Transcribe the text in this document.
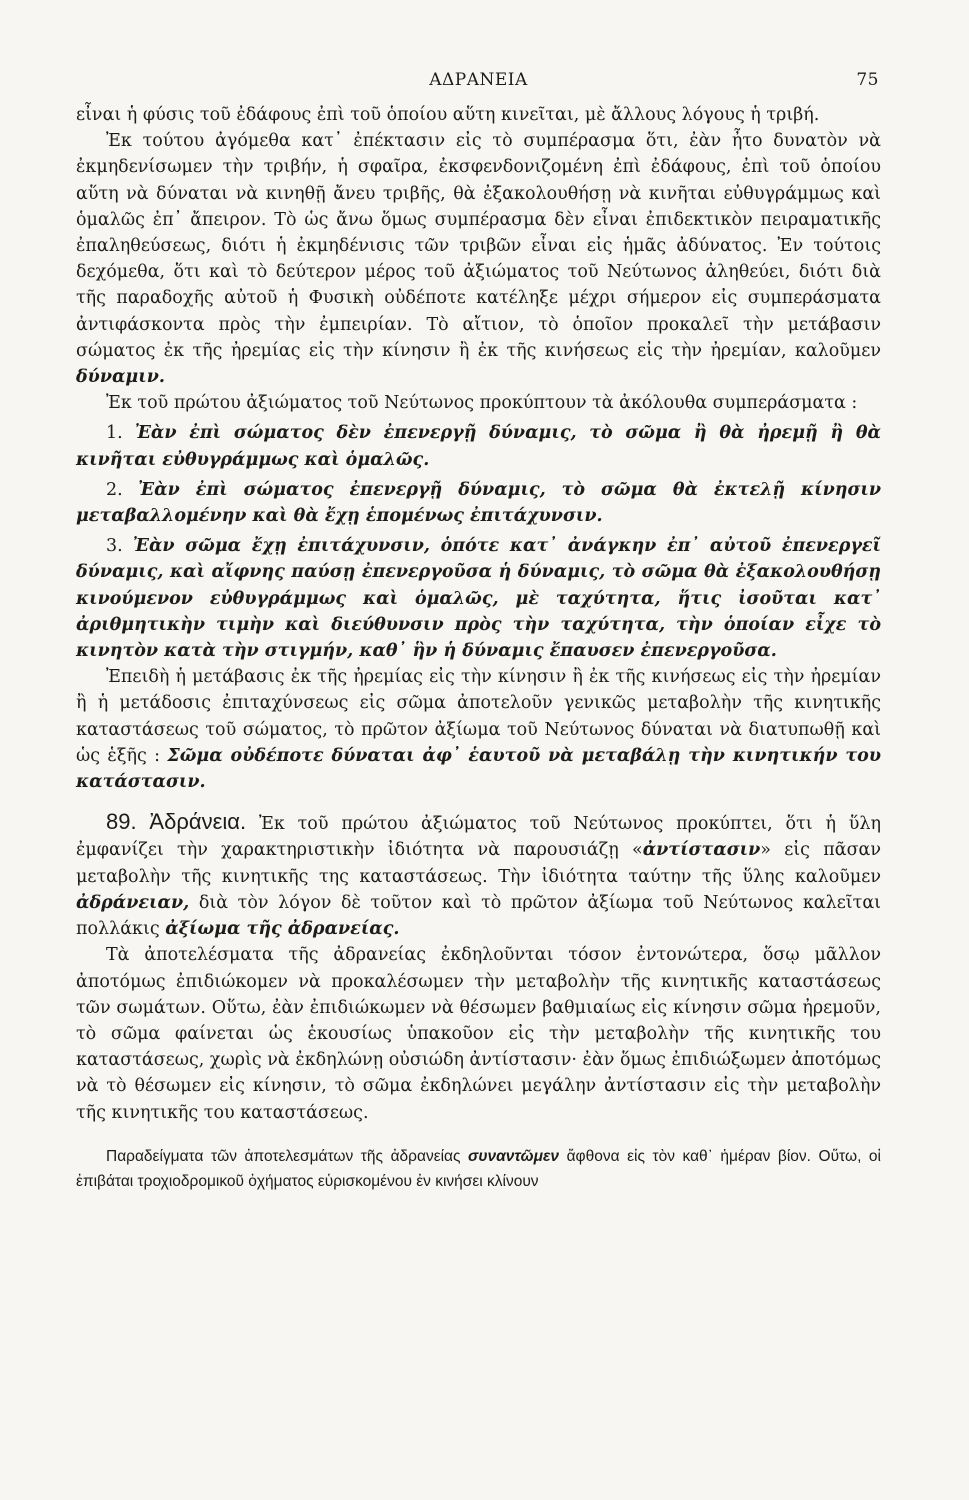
ΑΔΡΑΝΕΙΑ	75

εἶναι ἡ φύσις τοῦ ἐδάφους ἐπὶ τοῦ ὁποίου αὕτη κινεῖται, μὲ ἄλλους λόγους ἡ τριβή.

Ἐκ τούτου ἀγόμεθα κατ᾽ ἐπέκτασιν εἰς τὸ συμπέρασμα ὅτι, ἐὰν ἦτο δυνατὸν νὰ ἐκμηδενίσωμεν τὴν τριβήν, ἡ σφαῖρα, ἐκσφενδονιζομένη ἐπὶ ἐδάφους, ἐπὶ τοῦ ὁποίου αὕτη νὰ δύναται νὰ κινηθῇ ἄνευ τριβῆς, θὰ ἐξακολουθήσῃ νὰ κινῆται εὐθυγράμμως καὶ ὁμαλῶς ἐπ᾽ ἄπειρον. Τὸ ὡς ἄνω ὅμως συμπέρασμα δὲν εἶναι ἐπιδεκτικὸν πειραματικῆς ἐπαληθεύσεως, διότι ἡ ἐκμηδένισις τῶν τριβῶν εἶναι εἰς ἡμᾶς ἀδύνατος. Ἐν τούτοις δεχόμεθα, ὅτι καὶ τὸ δεύτερον μέρος τοῦ ἀξιώματος τοῦ Νεύτωνος ἀληθεύει, διότι διὰ τῆς παραδοχῆς αὐτοῦ ἡ Φυσικὴ οὐδέποτε κατέληξε μέχρι σήμερον εἰς συμπεράσματα ἀντιφάσκοντα πρὸς τὴν ἐμπειρίαν. Τὸ αἴτιον, τὸ ὁποῖον προκαλεῖ τὴν μετάβασιν σώματος ἐκ τῆς ἠρεμίας εἰς τὴν κίνησιν ἢ ἐκ τῆς κινήσεως εἰς τὴν ἠρεμίαν, καλοῦμεν δύναμιν.

Ἐκ τοῦ πρώτου ἀξιώματος τοῦ Νεύτωνος προκύπτουν τὰ ἀκόλουθα συμπεράσματα :

1. Ἐὰν ἐπὶ σώματος δὲν ἐπενεργῇ δύναμις, τὸ σῶμα ἢ θὰ ἠρεμῇ ἢ θὰ κινῆται εὐθυγράμμως καὶ ὁμαλῶς.

2. Ἐὰν ἐπὶ σώματος ἐπενεργῇ δύναμις, τὸ σῶμα θὰ ἐκτελῇ κίνησιν μεταβαλλομένην καὶ θὰ ἔχῃ ἑπομένως ἐπιτάχυνσιν.

3. Ἐὰν σῶμα ἔχῃ ἐπιτάχυνσιν, ὁπότε κατ᾽ ἀνάγκην ἐπ᾽ αὐτοῦ ἐπενεργεῖ δύναμις, καὶ αἴφνης παύσῃ ἐπενεργοῦσα ἡ δύναμις, τὸ σῶμα θὰ ἐξακολουθήσῃ κινούμενον εὐθυγράμμως καὶ ὁμαλῶς, μὲ ταχύτητα, ἥτις ἰσοῦται κατ᾽ ἀριθμητικὴν τιμὴν καὶ διεύθυνσιν πρὸς τὴν ταχύτητα, τὴν ὁποίαν εἶχε τὸ κινητὸν κατὰ τὴν στιγμήν, καθ᾽ ἣν ἡ δύναμις ἔπαυσεν ἐπενεργοῦσα.

Ἐπειδὴ ἡ μετάβασις ἐκ τῆς ἠρεμίας εἰς τὴν κίνησιν ἢ ἐκ τῆς κινήσεως εἰς τὴν ἠρεμίαν ἢ ἡ μετάδοσις ἐπιταχύνσεως εἰς σῶμα ἀποτελοῦν γενικῶς μεταβολὴν τῆς κινητικῆς καταστάσεως τοῦ σώματος, τὸ πρῶτον ἀξίωμα τοῦ Νεύτωνος δύναται νὰ διατυπωθῇ καὶ ὡς ἑξῆς : Σῶμα οὐδέποτε δύναται ἀφ᾽ ἑαυτοῦ νὰ μεταβάλῃ τὴν κινητικήν του κατάστασιν.

89. Ἀδράνεια. Ἐκ τοῦ πρώτου ἀξιώματος τοῦ Νεύτωνος προκύπτει, ὅτι ἡ ὕλη ἐμφανίζει τὴν χαρακτηριστικὴν ἰδιότητα νὰ παρουσιάζῃ «ἀντίστασιν» εἰς πᾶσαν μεταβολὴν τῆς κινητικῆς της καταστάσεως. Τὴν ἰδιότητα ταύτην τῆς ὕλης καλοῦμεν ἀδράνειαν, διὰ τὸν λόγον δὲ τοῦτον καὶ τὸ πρῶτον ἀξίωμα τοῦ Νεύτωνος καλεῖται πολλάκις ἀξίωμα τῆς ἀδρανείας.

Τὰ ἀποτελέσματα τῆς ἀδρανείας ἐκδηλοῦνται τόσον ἐντονώτερα, ὅσῳ μᾶλλον ἀποτόμως ἐπιδιώκομεν νὰ προκαλέσωμεν τὴν μεταβολὴν τῆς κινητικῆς καταστάσεως τῶν σωμάτων. Οὕτω, ἐὰν ἐπιδιώκωμεν νὰ θέσωμεν βαθμιαίως εἰς κίνησιν σῶμα ἠρεμοῦν, τὸ σῶμα φαίνεται ὡς ἑκουσίως ὑπακοῦον εἰς τὴν μεταβολὴν τῆς κινητικῆς του καταστάσεως, χωρὶς νὰ ἐκδηλώνῃ οὐσιώδη ἀντίστασιν· ἐὰν ὅμως ἐπιδιώξωμεν ἀποτόμως νὰ τὸ θέσωμεν εἰς κίνησιν, τὸ σῶμα ἐκδηλώνει μεγάλην ἀντίστασιν εἰς τὴν μεταβολὴν τῆς κινητικῆς του καταστάσεως.

Παραδείγματα τῶν ἀποτελεσμάτων τῆς ἀδρανείας συναντῶμεν ἄφθονα εἰς τὸν καθ᾽ ἡμέραν βίον. Οὕτω, οἱ ἐπιβάται τροχιοδρομικοῦ ὀχήματος εὑρισκομένου ἐν κινήσει κλίνουν
